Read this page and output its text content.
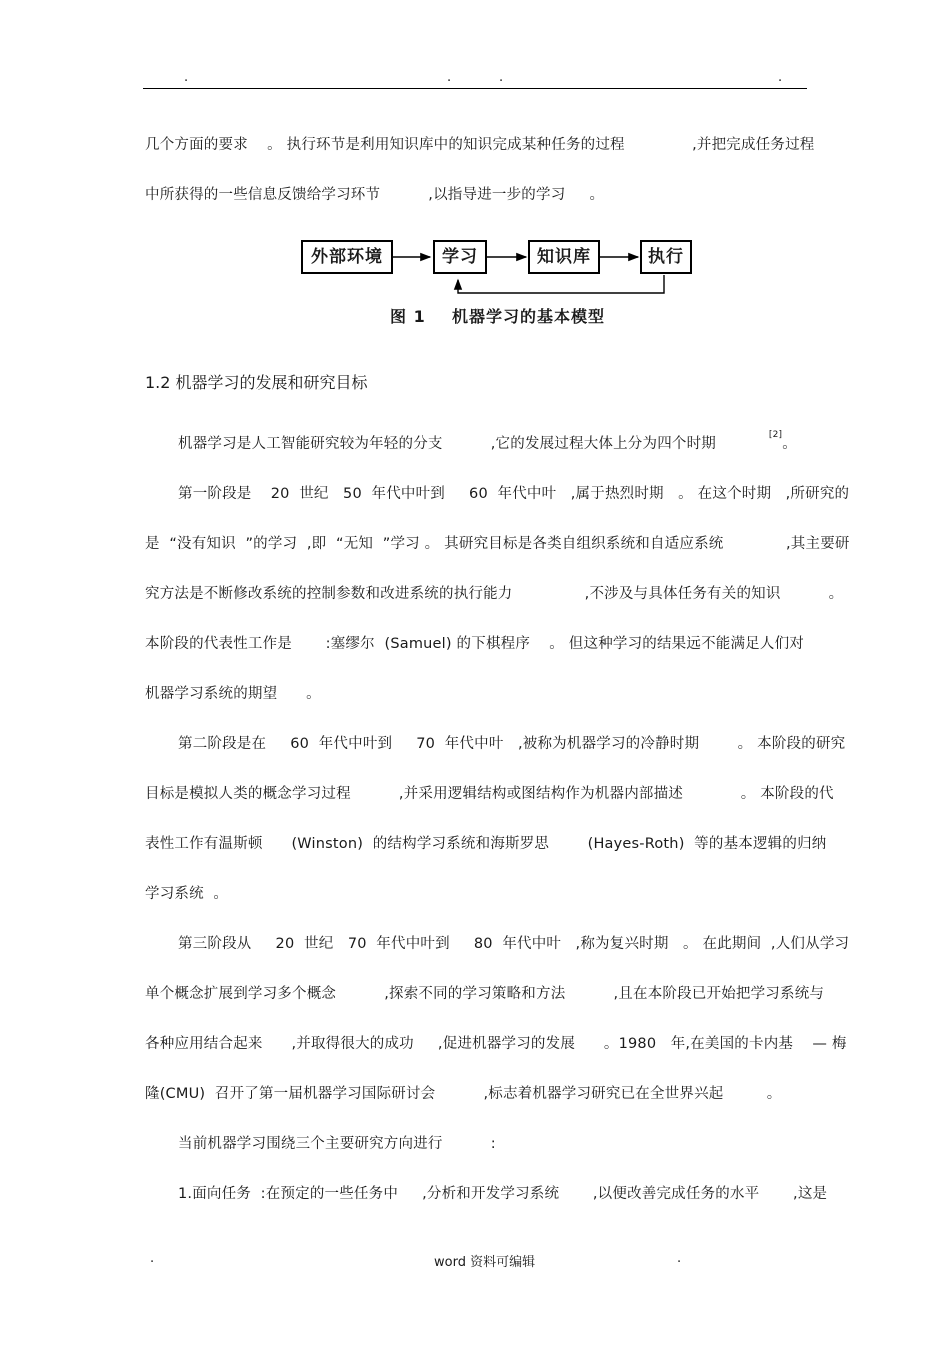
.	.	.	.
几个方面的要求    。 执行环节是利用知识库中的知识完成某种任务的过程              ,并把完成任务过程
中所获得的一些信息反馈给学习环节          ,以指导进一步的学习     。
外部环境	学习	知识库	执行
图 1    机器学习的基本模型
1.2 机器学习的发展和研究目标
机器学习是人工智能研究较为年轻的分支          ,它的发展过程大体上分为四个时期           [2]。
第一阶段是    20  世纪   50  年代中叶到     60  年代中叶   ,属于热烈时期   。 在这个时期   ,所研究的
是  “没有知识  ”的学习  ,即  “无知  ”学习 。 其研究目标是各类自组织系统和自适应系统             ,其主要研
究方法是不断修改系统的控制参数和改进系统的执行能力               ,不涉及与具体任务有关的知识          。
本阶段的代表性工作是       :塞缪尔  (Samuel) 的下棋程序    。 但这种学习的结果远不能满足人们对
机器学习系统的期望      。
第二阶段是在     60  年代中叶到     70  年代中叶   ,被称为机器学习的冷静时期        。 本阶段的研究
目标是模拟人类的概念学习过程          ,并采用逻辑结构或图结构作为机器内部描述            。 本阶段的代
表性工作有温斯顿      (Winston)  的结构学习系统和海斯罗思        (Hayes-Roth)  等的基本逻辑的归纳
学习系统  。
第三阶段从     20  世纪   70  年代中叶到     80  年代中叶   ,称为复兴时期   。 在此期间  ,人们从学习
单个概念扩展到学习多个概念          ,探索不同的学习策略和方法          ,且在本阶段已开始把学习系统与
各种应用结合起来      ,并取得很大的成功     ,促进机器学习的发展      。1980   年,在美国的卡内基    — 梅
隆(CMU)  召开了第一届机器学习国际研讨会          ,标志着机器学习研究已在全世界兴起         。
当前机器学习围绕三个主要研究方向进行          :
1.面向任务  :在预定的一些任务中     ,分析和开发学习系统       ,以便改善完成任务的水平       ,这是
.	word 资料可编辑	.
